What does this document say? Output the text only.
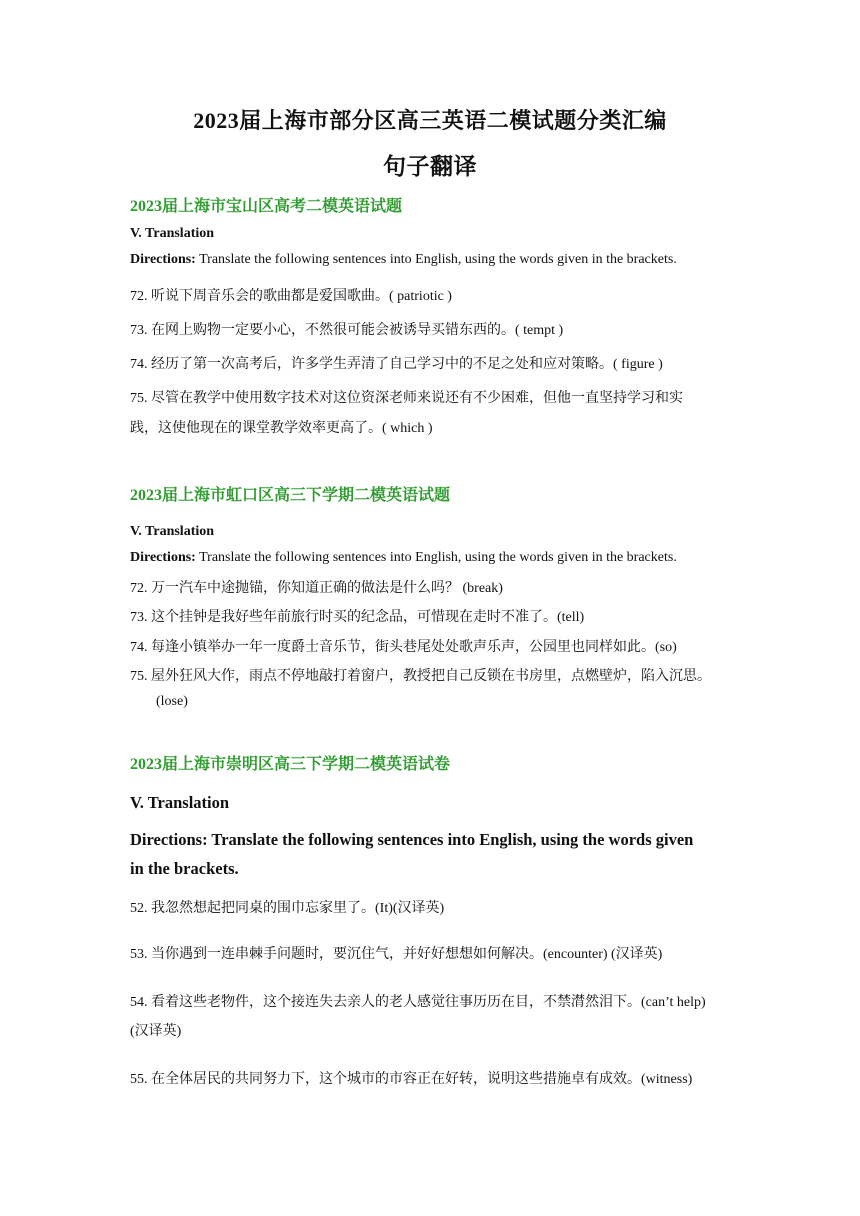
2023届上海市部分区高三英语二模试题分类汇编
句子翻译
2023届上海市宝山区高考二模英语试题

V. Translation

Directions: Translate the following sentences into English, using the words given in the brackets.

72. 听说下周音乐会的歌曲都是爱国歌曲。( patriotic )

73. 在网上购物一定要小心，不然很可能会被诱导买错东西的。( tempt )

74. 经历了第一次高考后，许多学生弄清了自己学习中的不足之处和应对策略。( figure )

75. 尽管在教学中使用数字技术对这位资深老师来说还有不少困难，但他一直坚持学习和实

践，这使他现在的课堂教学效率更高了。( which )

2023届上海市虹口区高三下学期二模英语试题

V. Translation

Directions: Translate the following sentences into English, using the words given in the brackets.

72. 万一汽车中途抛锚，你知道正确的做法是什么吗？ (break)

73. 这个挂钟是我好些年前旅行时买的纪念品，可惜现在走时不准了。(tell)

74. 每逢小镇举办一年一度爵士音乐节，街头巷尾处处歌声乐声，公园里也同样如此。(so)

75. 屋外狂风大作，雨点不停地敲打着窗户，教授把自己反锁在书房里，点燃壁炉，陷入沉思。

(lose)

2023届上海市崇明区高三下学期二模英语试卷

V. Translation

Directions: Translate the following sentences into English, using the words given

in the brackets.

52. 我忽然想起把同桌的围巾忘家里了。(It)(汉译英)

53. 当你遇到一连串棘手问题时，要沉住气，并好好想想如何解决。(encounter) (汉译英)

54. 看着这些老物件，这个接连失去亲人的老人感觉往事历历在目，不禁潸然泪下。(can’t help)

(汉译英)

55. 在全体居民的共同努力下，这个城市的市容正在好转，说明这些措施卓有成效。(witness)
